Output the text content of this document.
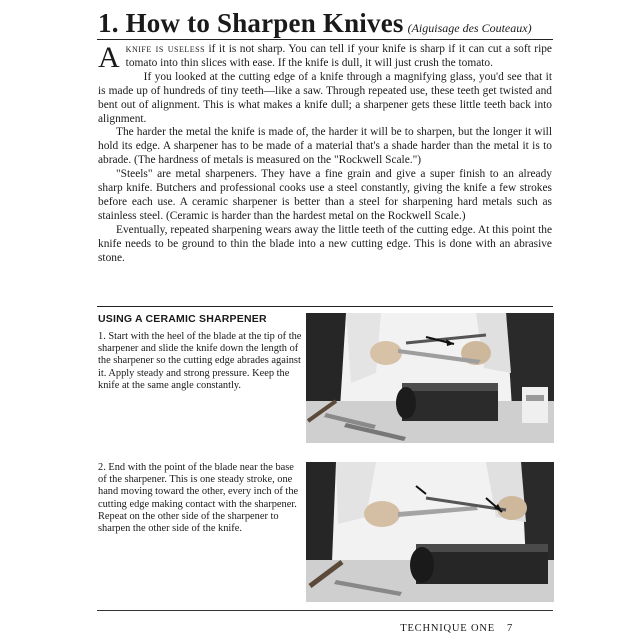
1. How to Sharpen Knives (Aiguisage des Couteaux)

Aknife is useless if it is not sharp. You can tell if your knife is sharp if it can cut a soft ripe tomato into thin slices with ease. If the knife is dull, it will just crush the tomato.

If you looked at the cutting edge of a knife through a magnifying glass, you'd see that it is made up of hundreds of tiny teeth—like a saw. Through repeated use, these teeth get twisted and bent out of alignment. This is what makes a knife dull; a sharpener gets these little teeth back into alignment.

The harder the metal the knife is made of, the harder it will be to sharpen, but the longer it will hold its edge. A sharpener has to be made of a material that's a shade harder than the metal it is to abrade. (The hardness of metals is measured on the "Rockwell Scale.")

"Steels" are metal sharpeners. They have a fine grain and give a super finish to an already sharp knife. Butchers and professional cooks use a steel constantly, giving the knife a few strokes before each use. A ceramic sharpener is better than a steel for sharpening hard metals such as stainless steel. (Ceramic is harder than the hardest metal on the Rockwell Scale.)

Eventually, repeated sharpening wears away the little teeth of the cutting edge. At this point the knife needs to be ground to thin the blade into a new cutting edge. This is done with an abrasive stone.

USING A CERAMIC SHARPENER
1. Start with the heel of the blade at the tip of the sharpener and slide the knife down the length of the sharpener so the cutting edge abrades against it. Apply steady and strong pressure. Keep the knife at the same angle constantly.
2. End with the point of the blade near the base of the sharpener. This is one steady stroke, one hand moving toward the other, every inch of the cutting edge making contact with the sharpener. Repeat on the other side of the sharpener to sharpen the other side of the knife.
TECHNIQUE ONE 7
